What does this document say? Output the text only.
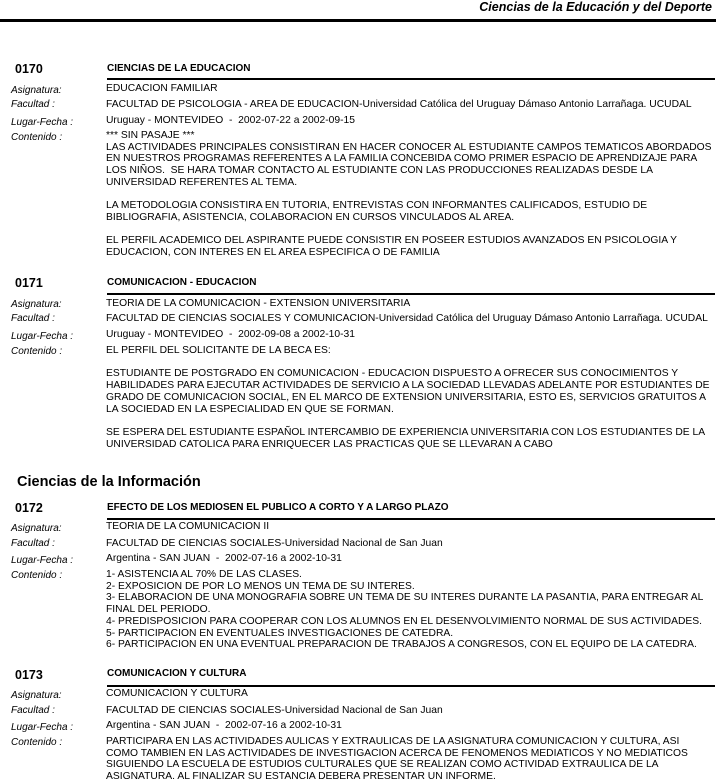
Ciencias de la Educación y del Deporte
0170	CIENCIAS DE LA EDUCACION
Asignatura:	EDUCACION FAMILIAR
Facultad :	FACULTAD DE PSICOLOGIA - AREA DE EDUCACION-Universidad Católica del Uruguay Dámaso Antonio Larrañaga. UCUDAL
Lugar-Fecha :	Uruguay - MONTEVIDEO  -  2002-07-22 a 2002-09-15
Contenido :	*** SIN PASAJE ***
LAS ACTIVIDADES PRINCIPALES CONSISTIRAN EN HACER CONOCER AL ESTUDIANTE CAMPOS TEMATICOS ABORDADOS
EN NUESTROS PROGRAMAS REFERENTES A LA FAMILIA CONCEBIDA COMO PRIMER ESPACIO DE APRENDIZAJE PARA
LOS NIÑOS.  SE HARA TOMAR CONTACTO AL ESTUDIANTE CON LAS PRODUCCIONES REALIZADAS DESDE LA
UNIVERSIDAD REFERENTES AL TEMA.

LA METODOLOGIA CONSISTIRA EN TUTORIA, ENTREVISTAS CON INFORMANTES CALIFICADOS, ESTUDIO DE
BIBLIOGRAFIA, ASISTENCIA, COLABORACION EN CURSOS VINCULADOS AL AREA.

EL PERFIL ACADEMICO DEL ASPIRANTE PUEDE CONSISTIR EN POSEER ESTUDIOS AVANZADOS EN PSICOLOGIA Y
EDUCACION, CON INTERES EN EL AREA ESPECIFICA O DE FAMILIA
0171	COMUNICACION - EDUCACION
Asignatura:	TEORIA DE LA COMUNICACION - EXTENSION UNIVERSITARIA
Facultad :	FACULTAD DE CIENCIAS SOCIALES Y COMUNICACION-Universidad Católica del Uruguay Dámaso Antonio Larrañaga. UCUDAL
Lugar-Fecha :	Uruguay - MONTEVIDEO  -  2002-09-08 a 2002-10-31
Contenido :	EL PERFIL DEL SOLICITANTE DE LA BECA ES:

ESTUDIANTE DE POSTGRADO EN COMUNICACION - EDUCACION DISPUESTO A OFRECER SUS CONOCIMIENTOS Y
HABILIDADES PARA EJECUTAR ACTIVIDADES DE SERVICIO A LA SOCIEDAD LLEVADAS ADELANTE POR ESTUDIANTES DE
GRADO DE COMUNICACION SOCIAL, EN EL MARCO DE EXTENSION UNIVERSITARIA, ESTO ES, SERVICIOS GRATUITOS A
LA SOCIEDAD EN LA ESPECIALIDAD EN QUE SE FORMAN.

SE ESPERA DEL ESTUDIANTE ESPAÑOL INTERCAMBIO DE EXPERIENCIA UNIVERSITARIA CON LOS ESTUDIANTES DE LA
UNIVERSIDAD CATOLICA PARA ENRIQUECER LAS PRACTICAS QUE SE LLEVARAN A CABO
Ciencias de la Información
0172	EFECTO DE LOS MEDIOSEN EL PUBLICO A CORTO Y A LARGO PLAZO
Asignatura:	TEORIA DE LA COMUNICACION II
Facultad :	FACULTAD DE CIENCIAS SOCIALES-Universidad Nacional de San Juan
Lugar-Fecha :	Argentina - SAN JUAN  -  2002-07-16 a 2002-10-31
Contenido :	1- ASISTENCIA AL 70% DE LAS CLASES.
2- EXPOSICION DE POR LO MENOS UN TEMA DE SU INTERES.
3- ELABORACION DE UNA MONOGRAFIA SOBRE UN TEMA DE SU INTERES DURANTE LA PASANTIA, PARA ENTREGAR AL
FINAL DEL PERIODO.
4- PREDISPOSICION PARA COOPERAR CON LOS ALUMNOS EN EL DESENVOLVIMIENTO NORMAL DE SUS ACTIVIDADES.
5- PARTICIPACION EN EVENTUALES INVESTIGACIONES DE CATEDRA.
6- PARTICIPACION EN UNA EVENTUAL PREPARACION DE TRABAJOS A CONGRESOS, CON EL EQUIPO DE LA CATEDRA.
0173	COMUNICACION Y CULTURA
Asignatura:	COMUNICACION Y CULTURA
Facultad :	FACULTAD DE CIENCIAS SOCIALES-Universidad Nacional de San Juan
Lugar-Fecha :	Argentina - SAN JUAN  -  2002-07-16 a 2002-10-31
Contenido :	PARTICIPARA EN LAS ACTIVIDADES AULICAS Y EXTRAULICAS DE LA ASIGNATURA COMUNICACION Y CULTURA, ASI
COMO TAMBIEN EN LAS ACTIVIDADES DE INVESTIGACION ACERCA DE FENOMENOS MEDIATICOS Y NO MEDIATICOS
SIGUIENDO LA ESCUELA DE ESTUDIOS CULTURALES QUE SE REALIZAN COMO ACTIVIDAD EXTRAULICA DE LA
ASIGNATURA. AL FINALIZAR SU ESTANCIA DEBERA PRESENTAR UN INFORME.
